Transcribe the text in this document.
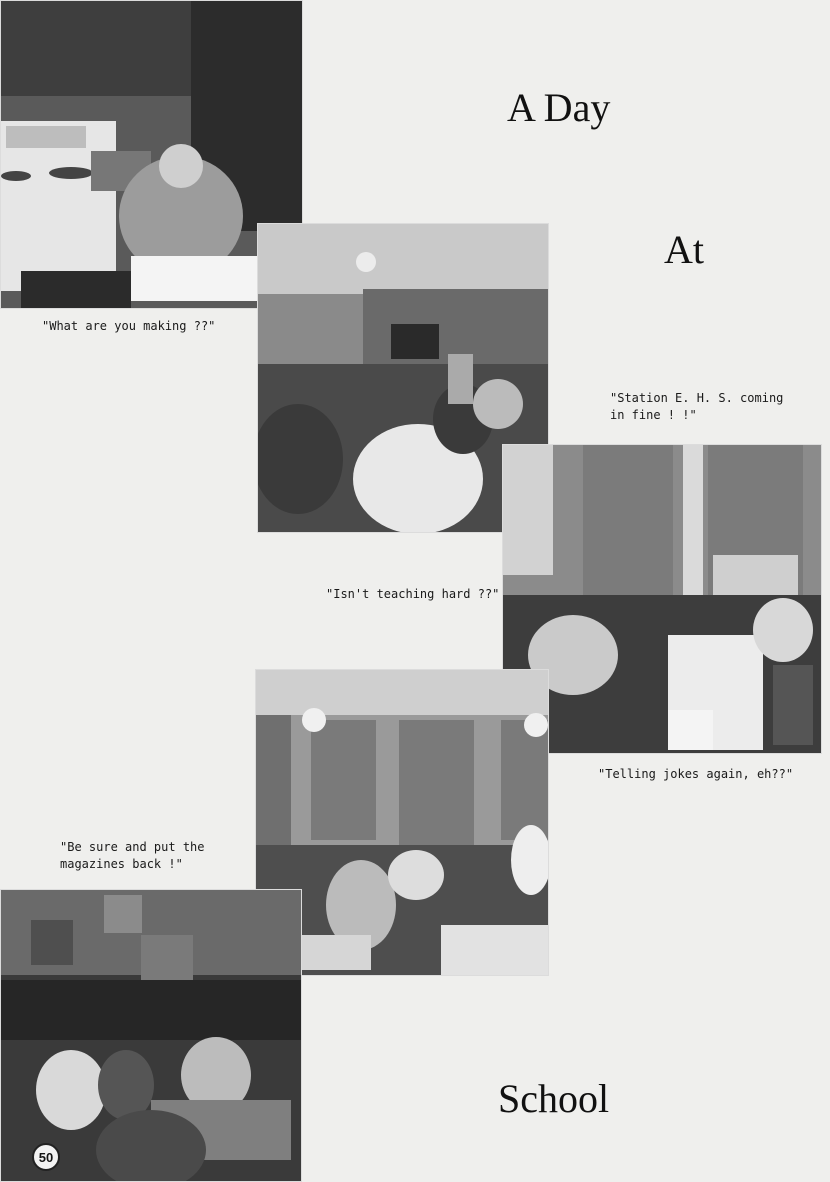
A Day
At
School
"What are you making ??"
"Station E. H. S. coming
in fine ! !"
"Isn't teaching hard ??"
"Telling jokes again, eh??"
"Be sure and put the
magazines back !"
50
